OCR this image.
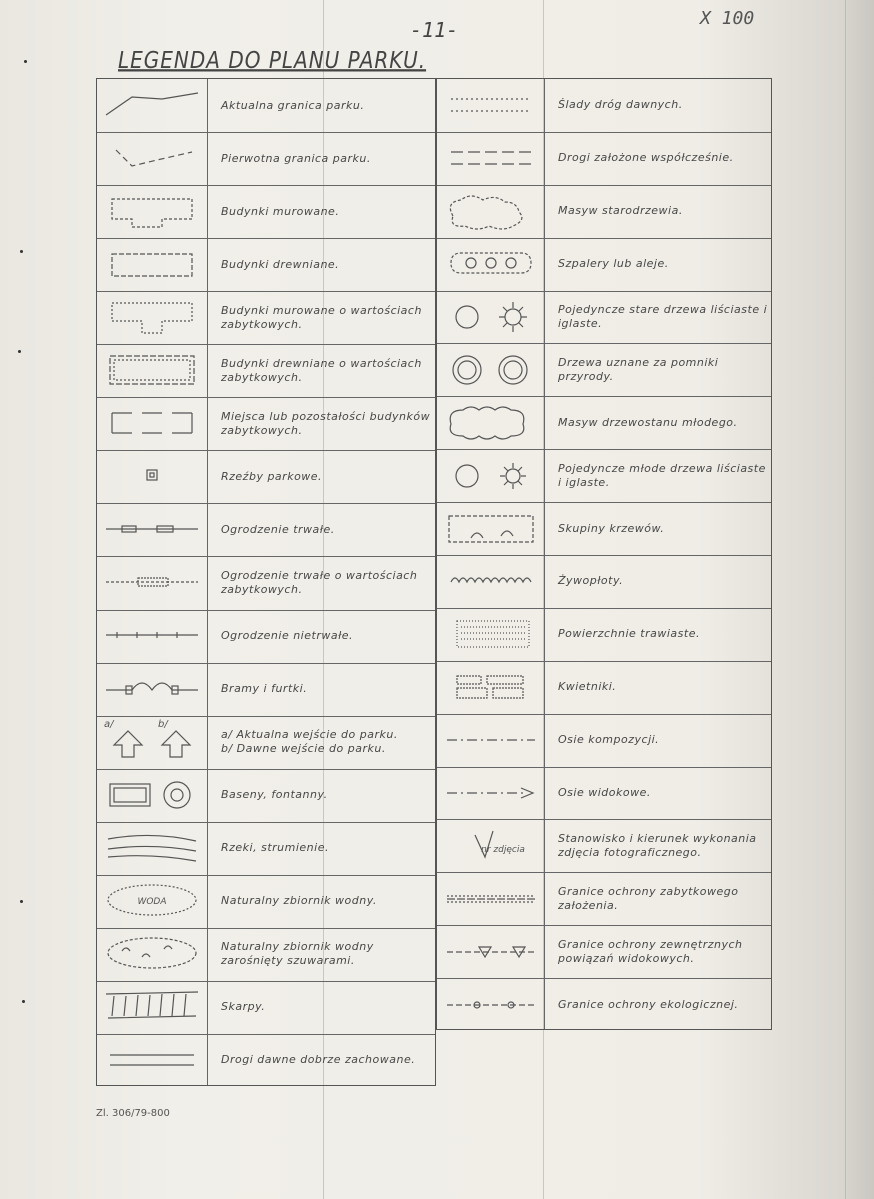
-11-	X 100
LEGENDA DO PLANU PARKU.
Aktualna granica parku.
Pierwotna granica parku.
Budynki murowane.
Budynki drewniane.
Budynki murowane o wartościach zabytkowych.
Budynki drewniane o wartościach zabytkowych.
Miejsca lub pozostałości budynków zabytkowych.
Rzeźby parkowe.
Ogrodzenie trwałe.
Ogrodzenie trwałe o wartościach zabytkowych.
Ogrodzenie nietrwałe.
Bramy i furtki.
a/	b/
a/ Aktualna wejście do parku.
b/ Dawne wejście do parku.
Baseny, fontanny.
Rzeki, strumienie.
WODA	Naturalny zbiornik wodny.
Naturalny zbiornik wodny zarośnięty szuwarami.
Skarpy.
Drogi dawne dobrze zachowane.
Ślady dróg dawnych.
Drogi założone współcześnie.
Masyw starodrzewia.
Szpalery lub aleje.
Pojedyncze stare drzewa liściaste i iglaste.
Drzewa uznane za pomniki przyrody.
Masyw drzewostanu młodego.
Pojedyncze młode drzewa liściaste i iglaste.
Skupiny krzewów.
Żywopłoty.
Powierzchnie trawiaste.
Kwietniki.
Osie kompozycji.
Osie widokowe.
nr zdjęcia
Stanowisko i kierunek wykonania zdjęcia fotograficznego.
Granice ochrony zabytkowego założenia.
Granice ochrony zewnętrznych powiązań widokowych.
Granice ochrony ekologicznej.
Zl. 306/79-800
